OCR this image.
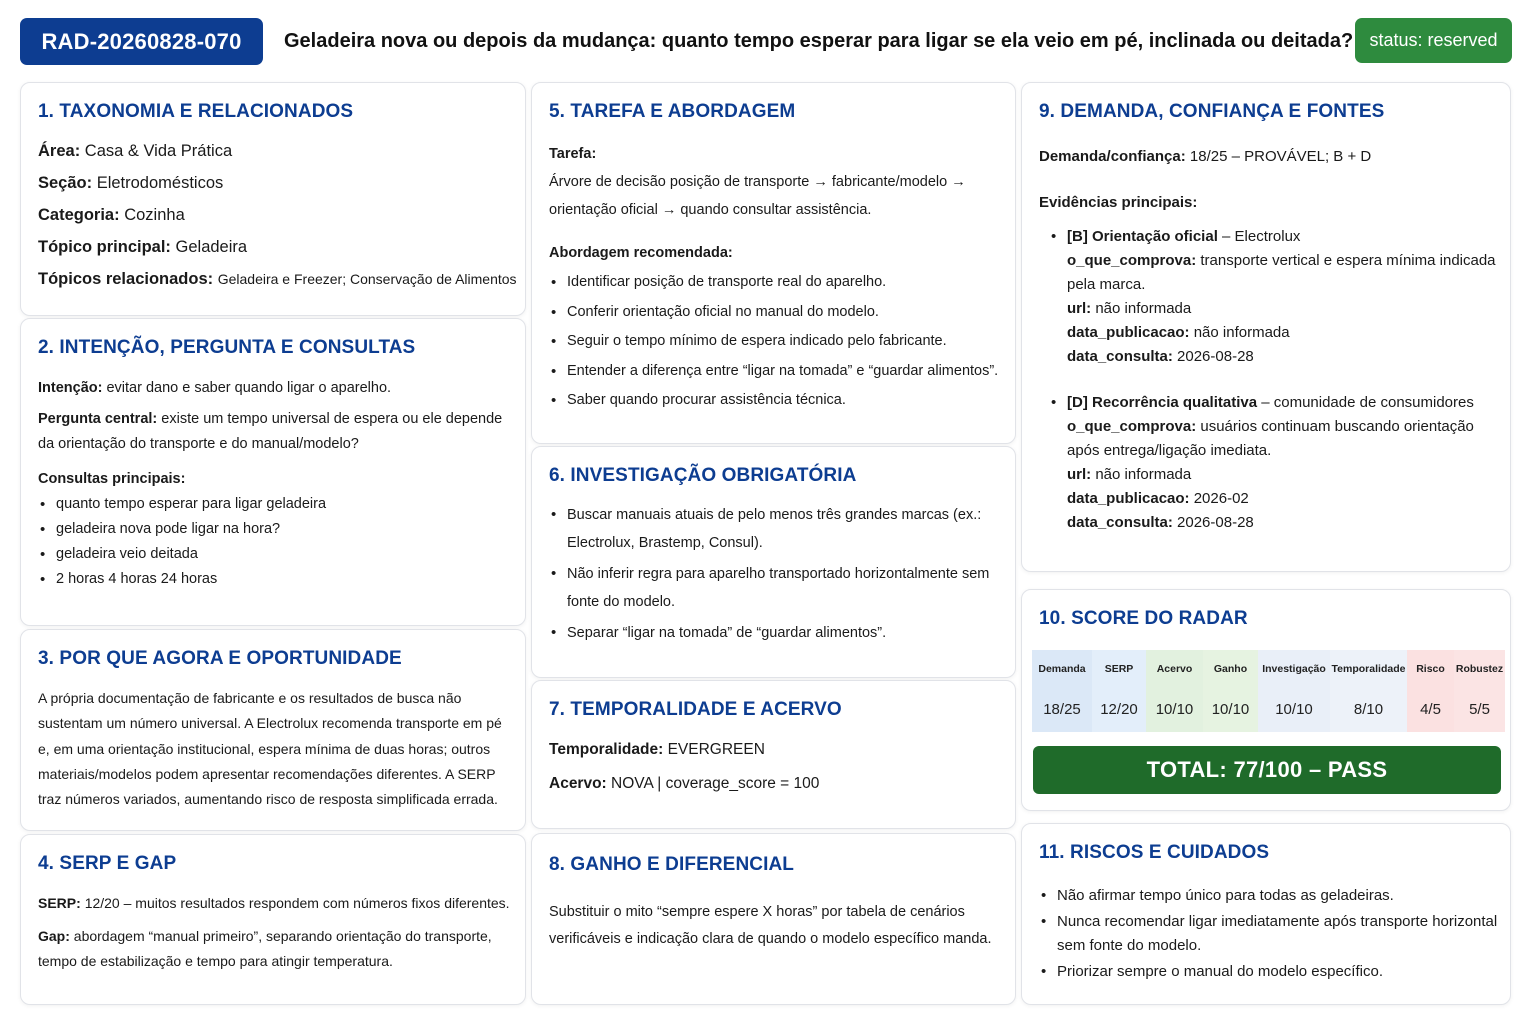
RAD-20260828-070	Geladeira nova ou depois da mudança: quanto tempo esperar para ligar se ela veio em pé, inclinada ou deitada? status: reserved
1. TAXONOMIA E RELACIONADOS
Área: Casa & Vida Prática
Seção: Eletrodomésticos
Categoria: Cozinha
Tópico principal: Geladeira
Tópicos relacionados: Geladeira e Freezer; Conservação de Alimentos
2. INTENÇÃO, PERGUNTA E CONSULTAS

Intenção: evitar dano e saber quando ligar o aparelho.

Pergunta central: existe um tempo universal de espera ou ele depende da orientação do transporte e do manual/modelo?

Consultas principais:

• quanto tempo esperar para ligar geladeira
• geladeira nova pode ligar na hora?
• geladeira veio deitada
• 2 horas 4 horas 24 horas
3. POR QUE AGORA E OPORTUNIDADE
A própria documentação de fabricante e os resultados de busca não sustentam um número universal. A Electrolux recomenda transporte em pé e, em uma orientação institucional, espera mínima de duas horas; outros materiais/modelos podem apresentar recomendações diferentes. A SERP traz números variados, aumentando risco de resposta simplificada errada.
4. SERP E GAP

SERP: 12/20 – muitos resultados respondem com números fixos diferentes.

Gap: abordagem “manual primeiro”, separando orientação do transporte, tempo de estabilização e tempo para atingir temperatura.

5. TAREFA E ABORDAGEM

Tarefa:

Árvore de decisão posição de transporte → fabricante/modelo → orientação oficial → quando consultar assistência.

Abordagem recomendada:

• Identificar posição de transporte real do aparelho.
• Conferir orientação oficial no manual do modelo.
• Seguir o tempo mínimo de espera indicado pelo fabricante.
• Entender a diferença entre “ligar na tomada” e “guardar alimentos”.
• Saber quando procurar assistência técnica.
6. INVESTIGAÇÃO OBRIGATÓRIA
• Buscar manuais atuais de pelo menos três grandes marcas (ex.: Electrolux, Brastemp, Consul).
• Não inferir regra para aparelho transportado horizontalmente sem fonte do modelo.
• Separar “ligar na tomada” de “guardar alimentos”.
7. TEMPORALIDADE E ACERVO

Temporalidade: EVERGREEN

Acervo: NOVA | coverage_score = 100

8. GANHO E DIFERENCIAL
Substituir o mito “sempre espere X horas” por tabela de cenários verificáveis e indicação clara de quando o modelo específico manda.
9. DEMANDA, CONFIANÇA E FONTES

Demanda/confiança: 18/25 – PROVÁVEL; B + D

Evidências principais:

• [B] Orientação oficial – Electrolux
o_que_comprova: transporte vertical e espera mínima indicada pela marca.
url: não informada
data_publicacao: não informada
data_consulta: 2026-08-28
• [D] Recorrência qualitativa – comunidade de consumidores
o_que_comprova: usuários continuam buscando orientação após entrega/ligação imediata.
url: não informada
data_publicacao: 2026-02
data_consulta: 2026-08-28
10. SCORE DO RADAR
Demanda
18/25
SERP
12/20
Acervo
10/10
Ganho
10/10
Investigação
10/10
Temporalidade
8/10
Risco
4/5
Robustez
5/5
TOTAL: 77/100 – PASS
11. RISCOS E CUIDADOS
• Não afirmar tempo único para todas as geladeiras.
• Nunca recomendar ligar imediatamente após transporte horizontal sem fonte do modelo.
• Priorizar sempre o manual do modelo específico.
